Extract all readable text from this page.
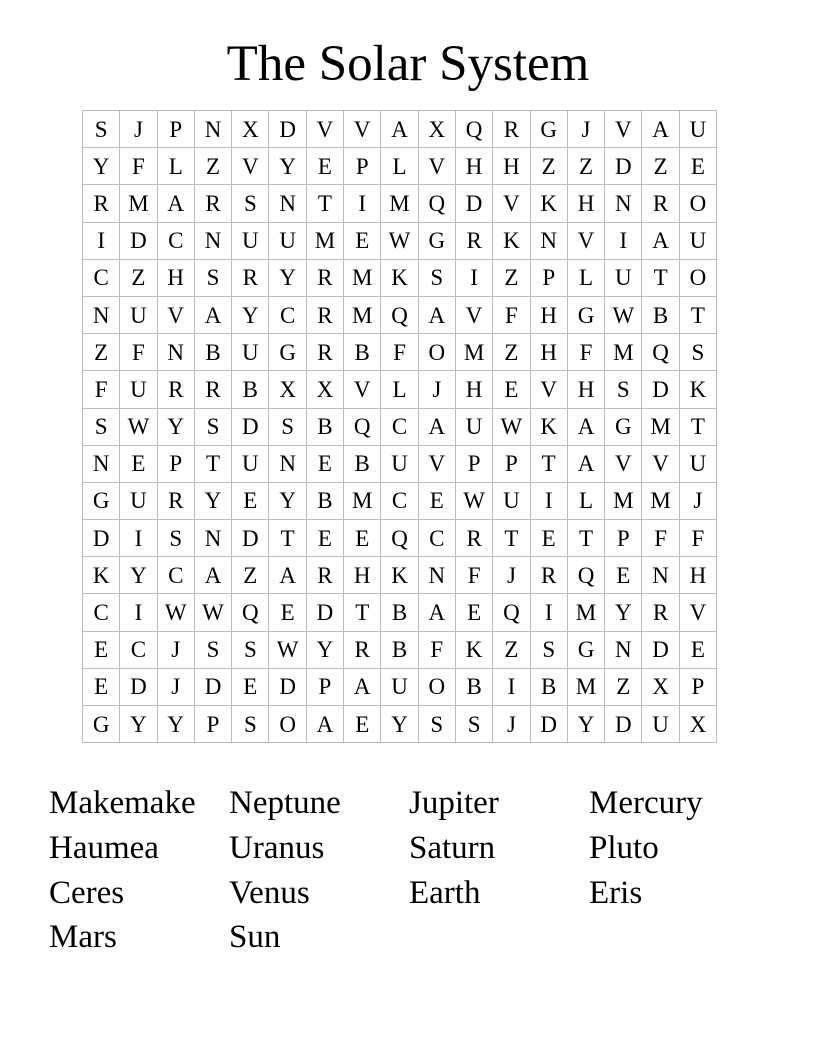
The Solar System
S	J	P	N	X	D	V	V	A	X	Q	R	G	J	V	A	U
Y	F	L	Z	V	Y	E	P	L	V	H	H	Z	Z	D	Z	E
R	M	A	R	S	N	T	I	M	Q	D	V	K	H	N	R	O
I	D	C	N	U	U	M	E	W	G	R	K	N	V	I	A	U
C	Z	H	S	R	Y	R	M	K	S	I	Z	P	L	U	T	O
N	U	V	A	Y	C	R	M	Q	A	V	F	H	G	W	B	T
Z	F	N	B	U	G	R	B	F	O	M	Z	H	F	M	Q	S
F	U	R	R	B	X	X	V	L	J	H	E	V	H	S	D	K
S	W	Y	S	D	S	B	Q	C	A	U	W	K	A	G	M	T
N	E	P	T	U	N	E	B	U	V	P	P	T	A	V	V	U
G	U	R	Y	E	Y	B	M	C	E	W	U	I	L	M	M	J
D	I	S	N	D	T	E	E	Q	C	R	T	E	T	P	F	F
K	Y	C	A	Z	A	R	H	K	N	F	J	R	Q	E	N	H
C	I	W	W	Q	E	D	T	B	A	E	Q	I	M	Y	R	V
E	C	J	S	S	W	Y	R	B	F	K	Z	S	G	N	D	E
E	D	J	D	E	D	P	A	U	O	B	I	B	M	Z	X	P
G	Y	Y	P	S	O	A	E	Y	S	S	J	D	Y	D	U	X
Makemake	Neptune	Jupiter	Mercury
Haumea	Uranus	Saturn	Pluto
Ceres	Venus	Earth	Eris
Mars	Sun
